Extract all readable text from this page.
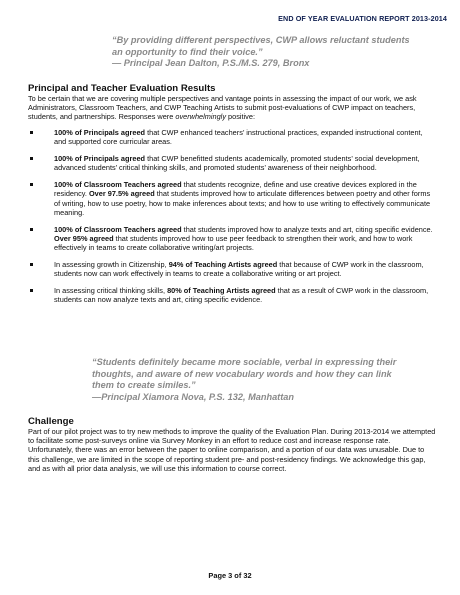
END OF YEAR EVALUATION REPORT 2013-2014
“By providing different perspectives, CWP allows reluctant students an opportunity to find their voice.”
— Principal Jean Dalton, P.S./M.S. 279, Bronx
Principal and Teacher Evaluation Results

To be certain that we are covering multiple perspectives and vantage points in assessing the impact of our work, we ask Administrators, Classroom Teachers, and CWP Teaching Artists to submit post-evaluations of CWP impact on teachers, students, and partnerships. Responses were overwhelmingly positive:

100% of Principals agreed that CWP enhanced teachers’ instructional practices, expanded instructional content, and supported core curricular areas.
100% of Principals agreed that CWP benefitted students academically, promoted students’ social development, advanced students’ critical thinking skills, and promoted students’ awareness of their neighborhood.
100% of Classroom Teachers agreed that students recognize, define and use creative devices explored in the residency. Over 97.5% agreed that students improved how to articulate differences between poetry and other forms of writing, how to use poetry, how to make inferences about texts; and how to use writing to effectively communicate meaning.
100% of Classroom Teachers agreed that students improved how to analyze texts and art, citing specific evidence. Over 95% agreed that students improved how to use peer feedback to strengthen their work, and how to work effectively in teams to create collaborative writing/art projects.
In assessing growth in Citizenship, 94% of Teaching Artists agreed that because of CWP work in the classroom, students now can work effectively in teams to create a collaborative writing or art project.
In assessing critical thinking skills, 80% of Teaching Artists agreed that as a result of CWP work in the classroom, students can now analyze texts and art, citing specific evidence.
“Students definitely became more sociable, verbal in expressing their thoughts, and aware of new vocabulary words and how they can link them to create similes.”
—Principal Xiamora Nova, P.S. 132, Manhattan
Challenge

Part of our pilot project was to try new methods to improve the quality of the Evaluation Plan. During 2013-2014 we attempted to facilitate some post-surveys online via Survey Monkey in an effort to reduce cost and increase response rate. Unfortunately, there was an error between the paper to online comparison, and a portion of our data was unusable. Due to this challenge, we are limited in the scope of reporting student pre- and post-residency findings. We acknowledge this gap, and as with all prior data analysis, we will use this information to course correct.

Page 3 of 32
